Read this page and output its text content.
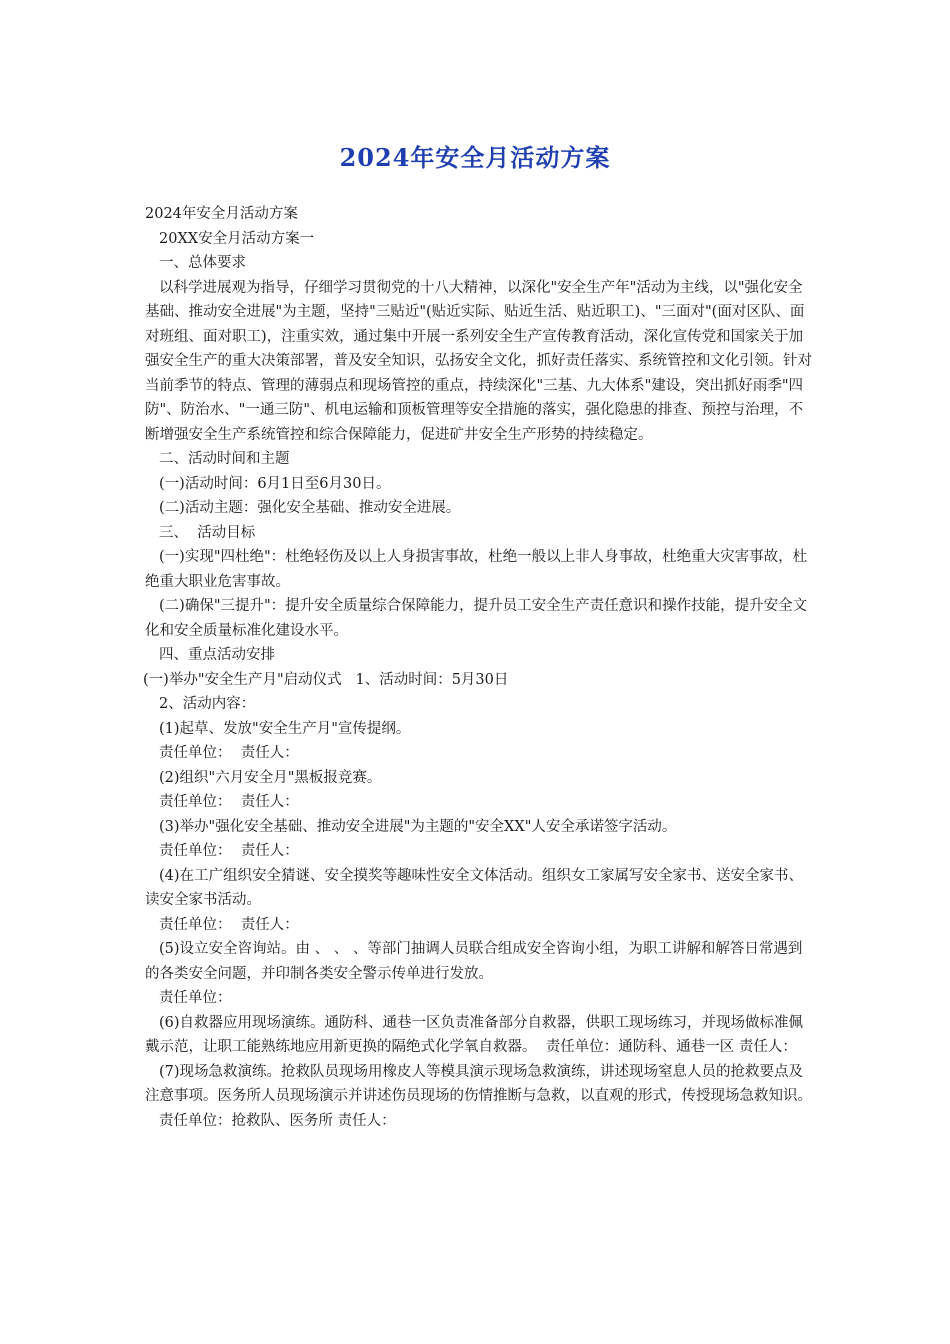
2024年安全月活动方案

2024年安全月活动方案

20XX安全月活动方案一

一、总体要求

以科学进展观为指导，仔细学习贯彻党的十八大精神，以深化"安全生产年"活动为主线，以"强化安全基础、推动安全进展"为主题，坚持"三贴近"(贴近实际、贴近生活、贴近职工)、"三面对"(面对区队、面对班组、面对职工)，注重实效，通过集中开展一系列安全生产宣传教育活动，深化宣传党和国家关于加强安全生产的重大决策部署，普及安全知识，弘扬安全文化，抓好责任落实、系统管控和文化引领。针对当前季节的特点、管理的薄弱点和现场管控的重点，持续深化"三基、九大体系"建设，突出抓好雨季"四防"、防治水、"一通三防"、机电运输和顶板管理等安全措施的落实，强化隐患的排查、预控与治理，不断增强安全生产系统管控和综合保障能力，促进矿井安全生产形势的持续稳定。

二、活动时间和主题

(一)活动时间：6月1日至6月30日。

(二)活动主题：强化安全基础、推动安全进展。

三、  活动目标

(一)实现"四杜绝"：杜绝轻伤及以上人身损害事故，杜绝一般以上非人身事故，杜绝重大灾害事故，杜绝重大职业危害事故。

(二)确保"三提升"：提升安全质量综合保障能力，提升员工安全生产责任意识和操作技能，提升安全文化和安全质量标准化建设水平。

四、重点活动安排

(一)举办"安全生产月"启动仪式   1、活动时间：5月30日

2、活动内容：

(1)起草、发放"安全生产月"宣传提纲。

责任单位：  责任人：

(2)组织"六月安全月"黑板报竞赛。

责任单位：  责任人：

(3)举办"强化安全基础、推动安全进展"为主题的"安全XX"人安全承诺签字活动。

责任单位：  责任人：

(4)在工广组织安全猜谜、安全摸奖等趣味性安全文体活动。组织女工家属写安全家书、送安全家书、读安全家书活动。

责任单位：  责任人：

(5)设立安全咨询站。由 、 、 、等部门抽调人员联合组成安全咨询小组，为职工讲解和解答日常遇到的各类安全问题，并印制各类安全警示传单进行发放。

责任单位：

(6)自救器应用现场演练。通防科、通巷一区负责准备部分自救器，供职工现场练习，并现场做标准佩戴示范，让职工能熟练地应用新更换的隔绝式化学氧自救器。  责任单位：通防科、通巷一区 责任人：

(7)现场急救演练。抢救队员现场用橡皮人等模具演示现场急救演练，讲述现场窒息人员的抢救要点及注意事项。医务所人员现场演示并讲述伤员现场的伤情推断与急救，以直观的形式，传授现场急救知识。

责任单位：抢救队、医务所 责任人：
